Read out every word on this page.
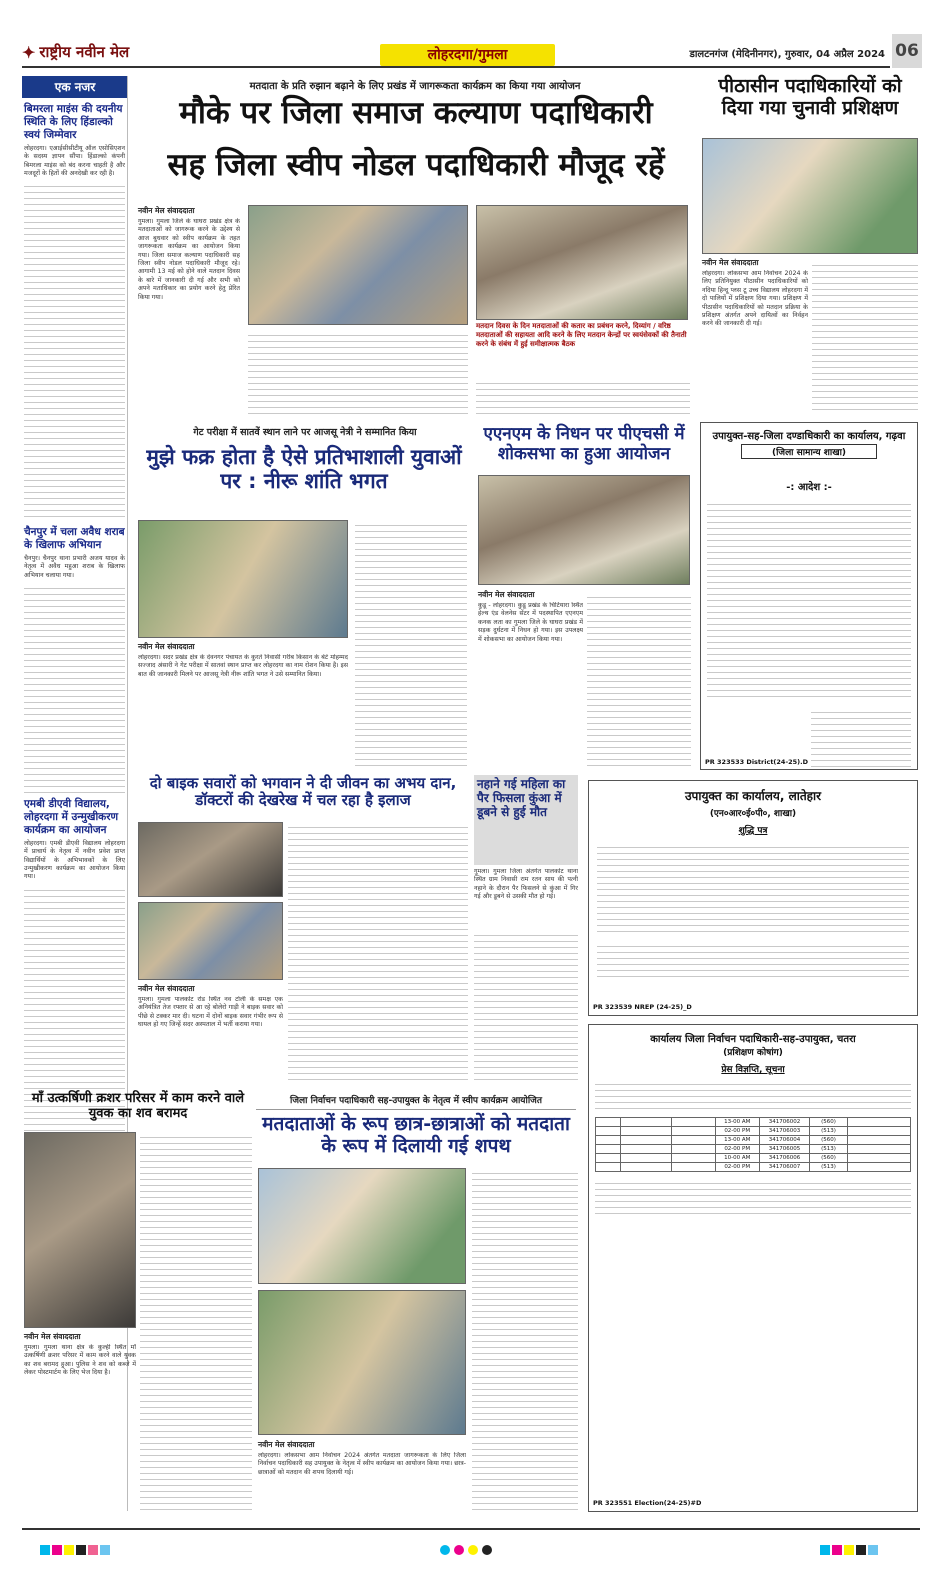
✦ राष्ट्रीय नवीन मेल	लोहरदगा/गुमला	डालटनगंज (मेदिनीनगर), गुरुवार, 04 अप्रैल 2024 06
एक नजर
बिमरला माइंस की दयनीय स्थिति के लिए हिंडाल्को स्वयं जिम्मेवार
लोहरदगा। एआईसीसीटीयू ऑल एसोसिएशन के सदस्य ज्ञापन सौंपा। हिंडाल्को कंपनी बिमरला माइंस को बंद करना चाहती है और मजदूरों के हितों की अनदेखी कर रही है।
चैनपुर में चला अवैध शराब के खिलाफ अभियान
चैनपुर। चैनपुर थाना प्रभारी अजय यादव के नेतृत्व में अवैध महुआ शराब के खिलाफ अभियान चलाया गया।
एमबी डीएवी विद्यालय, लोहरदगा में उन्मुखीकरण कार्यक्रम का आयोजन
लोहरदगा। एमबी डीएवी विद्यालय लोहरदगा में प्राचार्य के नेतृत्व में नवीन प्रवेश प्राप्त विद्यार्थियों के अभिभावकों के लिए उन्मुखीकरण कार्यक्रम का आयोजन किया गया।
मतदाता के प्रति रुझान बढ़ाने के लिए प्रखंड में जागरूकता कार्यक्रम का किया गया आयोजन
मौके पर जिला समाज कल्याण पदाधिकारी
सह जिला स्वीप नोडल पदाधिकारी मौजूद रहें
नवीन मेल संवाददाता
गुमला। गुमला जिले के घाघरा प्रखंड क्षेत्र के मतदाताओं को जागरूक करने के उद्देश्य से आज बुधवार को स्वीप कार्यक्रम के तहत जागरूकता कार्यक्रम का आयोजन किया गया। जिला समाज कल्याण पदाधिकारी सह जिला स्वीप नोडल पदाधिकारी मौजूद रहे। आगामी 13 मई को होने वाले मतदान दिवस के बारे में जानकारी दी गई और सभी को अपने मताधिकार का प्रयोग करने हेतु प्रेरित किया गया।
मतदान दिवस के दिन मतदाताओं की कतार का प्रबंधन करने, दिव्यांग / वरिष्ठ मतदाताओं की सहायता आदि करने के लिए मतदान केन्द्रों पर स्वयंसेवकों की तैनाती करने के संबंध में हुई समीक्षात्मक बैठक
पीठासीन पदाधिकारियों को दिया गया चुनावी प्रशिक्षण
नवीन मेल संवाददाता
लोहरदगा। लोकसभा आम निर्वाचन 2024 के लिए प्रतिनियुक्त पीठासीन पदाधिकारियों को नदिया हिन्दू प्लस टू उच्च विद्यालय लोहरदगा में दो पालियों में प्रशिक्षण दिया गया। प्रशिक्षण में पीठासीन पदाधिकारियों को मतदान प्रक्रिया के प्रशिक्षण अंतर्गत अपने दायित्वों का निर्वहन करने की जानकारी दी गई।
गेट परीक्षा में सातवें स्थान लाने पर आजसू नेत्री ने सम्मानित किया
मुझे फक्र होता है ऐसे प्रतिभाशाली युवाओं पर : नीरू शांति भगत
नवीन मेल संवाददाता
लोहरदगा। सदर प्रखंड क्षेत्र के देवनगर पंचायत के कुरते निवासी गरीब किसान के बेटे मोहम्मद सज्जाद अंसारी ने गेट परीक्षा में सातवां स्थान प्राप्त कर लोहरदगा का नाम रोशन किया है। इस बात की जानकारी मिलने पर आजसू नेत्री नीरू शांति भगत ने उसे सम्मानित किया।
एएनएम के निधन पर पीएचसी में शोकसभा का हुआ आयोजन
नवीन मेल संवाददाता
कुडू - लोहरदगा। कुडू प्रखंड के चिटियारा स्थित हेल्थ एंड वेलनेस सेंटर में पदस्थापित एएनएम कनक लता का गुमला जिले के घाघरा प्रखंड में सड़क दुर्घटना में निधन हो गया। इस उपलक्ष्य में शोकसभा का आयोजन किया गया।
उपायुक्त-सह-जिला दण्डाधिकारी का कार्यालय, गढ़वा
(जिला सामान्य शाखा)
-: आदेश :-
PR 323533 District(24-25).D
दो बाइक सवारों को भगवान ने दी जीवन का अभय दान, डॉक्टरों की देखरेख में चल रहा है इलाज
नवीन मेल संवाददाता
गुमला। गुमला पालकोट रोड स्थित नव टोली के समक्ष एक अनियंत्रित तेज रफ्तार से आ रहे बोलेरो गाड़ी ने बाइक सवार को पीछे से टक्कर मार दी। घटना में दोनों बाइक सवार गंभीर रूप से घायल हो गए जिन्हें सदर अस्पताल में भर्ती कराया गया।
नहाने गई महिला का पैर फिसला कुंआ में डूबने से हुई मौत
गुमला। गुमला जिला अंतर्गत पालकोट थाना स्थित ग्राम निवासी राम रतन साय की पत्नी नहाने के दौरान पैर फिसलने से कुंआ में गिर गई और डूबने से उसकी मौत हो गई।
उपायुक्त का कार्यालय, लातेहार
(एन०आर०ई०पी०, शाखा)
शुद्धि पत्र
PR 323539 NREP (24-25)_D
माँ उत्कर्षिणी क्रशर परिसर में काम करने वाले युवक का शव बरामद
नवीन मेल संवाददाता
गुमला। गुमला थाना क्षेत्र के कुल्ही स्थित माँ उत्कर्षिणी क्रशर परिसर में काम करने वाले युवक का शव बरामद हुआ। पुलिस ने शव को कब्जे में लेकर पोस्टमार्टम के लिए भेज दिया है।
जिला निर्वाचन पदाधिकारी सह-उपायुक्त के नेतृत्व में स्वीप कार्यक्रम आयोजित
मतदाताओं के रूप छात्र-छात्राओं को मतदाता के रूप में दिलायी गई शपथ
नवीन मेल संवाददाता
लोहरदगा। लोकसभा आम निर्वाचन 2024 अंतर्गत मतदाता जागरूकता के लिए जिला निर्वाचन पदाधिकारी सह उपायुक्त के नेतृत्व में स्वीप कार्यक्रम का आयोजन किया गया। छात्र-छात्राओं को मतदान की शपथ दिलायी गई।
कार्यालय जिला निर्वाचन पदाधिकारी-सह-उपायुक्त, चतरा
(प्रशिक्षण कोषांग)
प्रेस विज्ञप्ति, सूचना
			13-00 AM	341706002	(560)	
			02-00 PM	341706003	(513)	
			13-00 AM	341706004	(560)	
			02-00 PM	341706005	(513)	
			10-00 AM	341706006	(560)	
			02-00 PM	341706007	(513)	
PR 323551 Election(24-25)#D
